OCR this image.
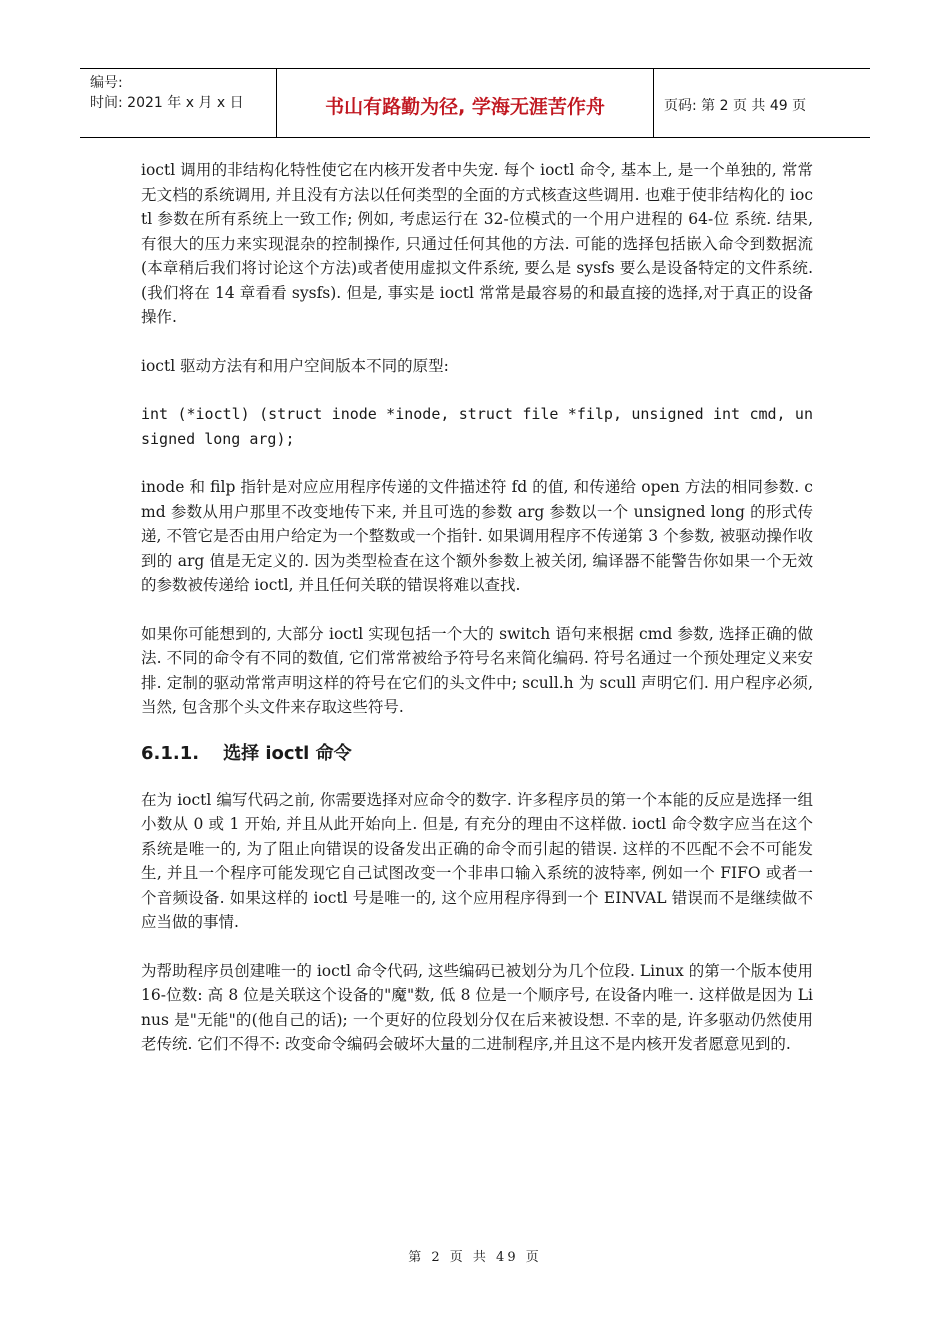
编号:
时间: 2021 年 x 月 x 日	书山有路勤为径, 学海无涯苦作舟	页码: 第 2 页 共 49 页

ioctl 调用的非结构化特性使它在内核开发者中失宠. 每个 ioctl 命令, 基本上, 是一个单独的, 常常无文档的系统调用, 并且没有方法以任何类型的全面的方式核查这些调用. 也难于使非结构化的 ioctl 参数在所有系统上一致工作; 例如, 考虑运行在 32-位模式的一个用户进程的 64-位 系统. 结果, 有很大的压力来实现混杂的控制操作, 只通过任何其他的方法. 可能的选择包括嵌入命令到数据流(本章稍后我们将讨论这个方法)或者使用虚拟文件系统, 要么是 sysfs 要么是设备特定的文件系统. (我们将在 14 章看看 sysfs). 但是, 事实是 ioctl 常常是最容易的和最直接的选择,对于真正的设备操作.

ioctl 驱动方法有和用户空间版本不同的原型:

int (*ioctl) (struct inode *inode, struct file *filp, unsigned int cmd, unsigned long arg);

inode 和 filp 指针是对应应用程序传递的文件描述符 fd 的值, 和传递给 open 方法的相同参数. cmd 参数从用户那里不改变地传下来, 并且可选的参数 arg 参数以一个 unsigned long 的形式传递, 不管它是否由用户给定为一个整数或一个指针. 如果调用程序不传递第 3 个参数, 被驱动操作收到的 arg 值是无定义的. 因为类型检查在这个额外参数上被关闭, 编译器不能警告你如果一个无效的参数被传递给 ioctl, 并且任何关联的错误将难以查找.

如果你可能想到的, 大部分 ioctl 实现包括一个大的 switch 语句来根据 cmd 参数, 选择正确的做法. 不同的命令有不同的数值, 它们常常被给予符号名来简化编码. 符号名通过一个预处理定义来安排. 定制的驱动常常声明这样的符号在它们的头文件中; scull.h 为 scull 声明它们. 用户程序必须, 当然, 包含那个头文件来存取这些符号.

6.1.1. 选择 ioctl 命令

在为 ioctl 编写代码之前, 你需要选择对应命令的数字. 许多程序员的第一个本能的反应是选择一组小数从 0 或 1 开始, 并且从此开始向上. 但是, 有充分的理由不这样做. ioctl 命令数字应当在这个系统是唯一的, 为了阻止向错误的设备发出正确的命令而引起的错误. 这样的不匹配不会不可能发生, 并且一个程序可能发现它自己试图改变一个非串口输入系统的波特率, 例如一个 FIFO 或者一个音频设备. 如果这样的 ioctl 号是唯一的, 这个应用程序得到一个 EINVAL 错误而不是继续做不应当做的事情.

为帮助程序员创建唯一的 ioctl 命令代码, 这些编码已被划分为几个位段. Linux 的第一个版本使用 16-位数: 高 8 位是关联这个设备的"魔"数, 低 8 位是一个顺序号, 在设备内唯一. 这样做是因为 Linus 是"无能"的(他自己的话); 一个更好的位段划分仅在后来被设想. 不幸的是, 许多驱动仍然使用老传统. 它们不得不: 改变命令编码会破坏大量的二进制程序,并且这不是内核开发者愿意见到的.

第 2 页 共 49 页
